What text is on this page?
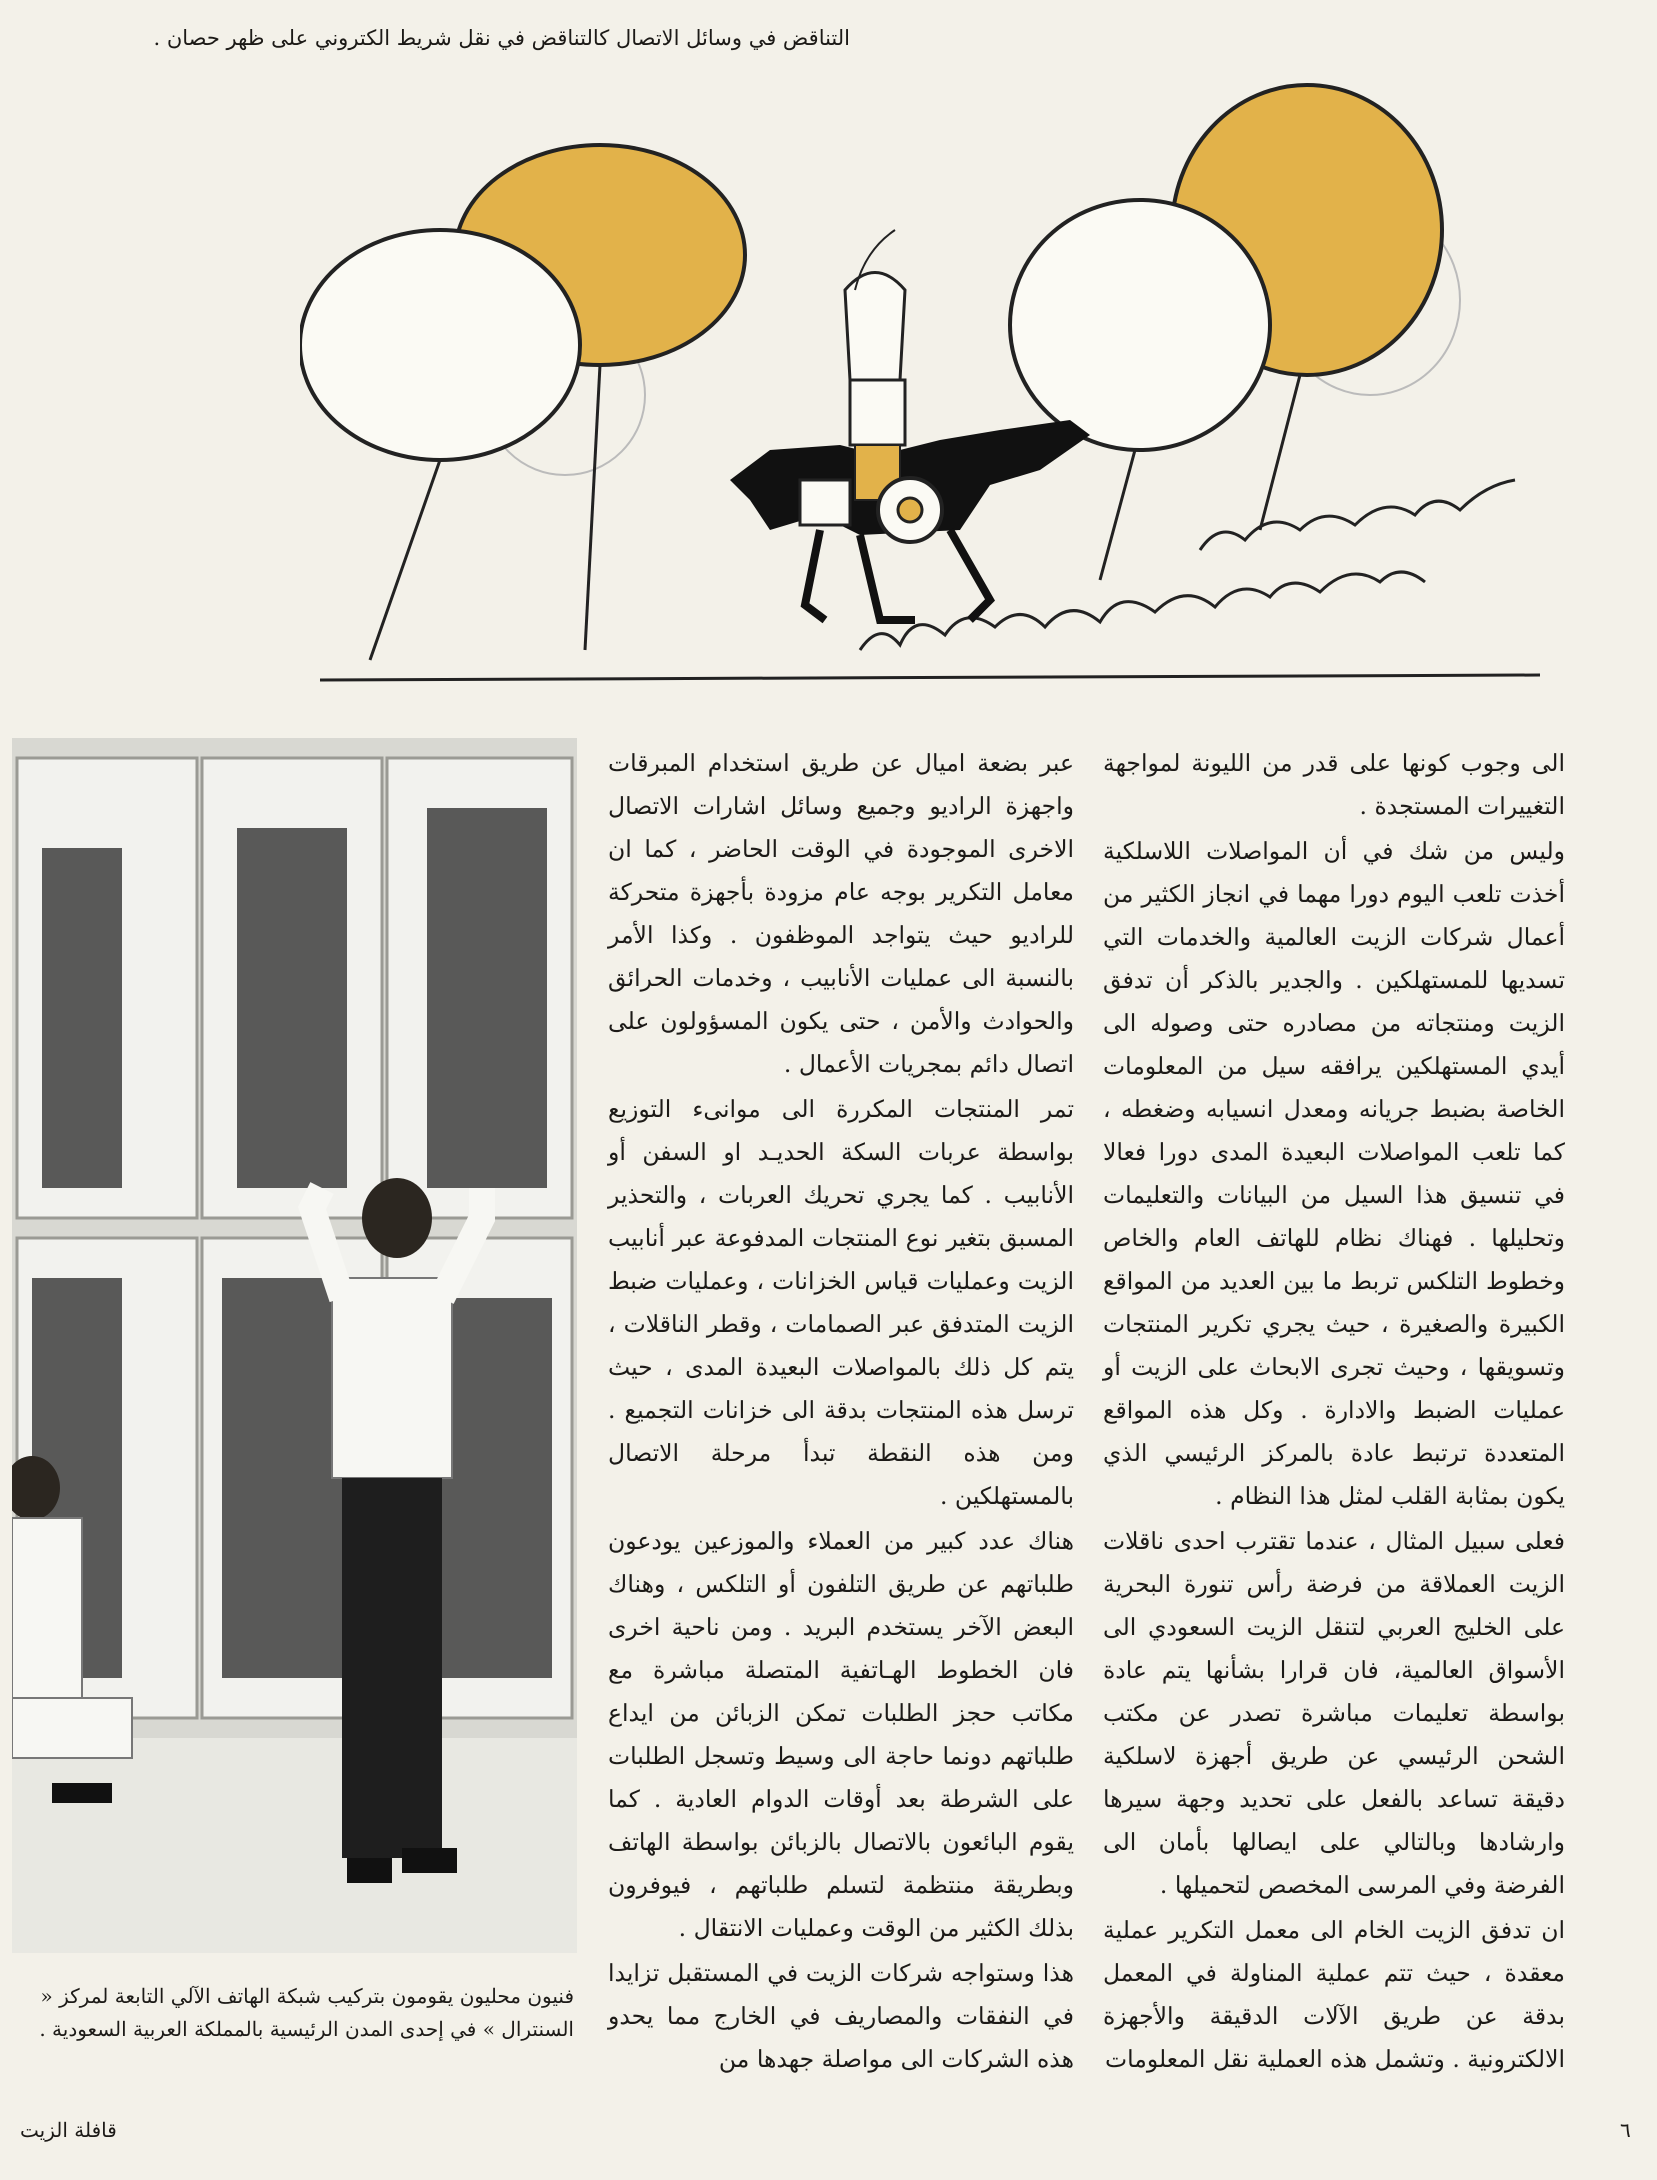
التناقض في وسائل الاتصال كالتناقض في نقل شريط الكتروني على ظهر حصان .

الى وجوب كونها على قدر من الليونة لمواجهة التغييرات المستجدة .

وليس من شك في أن المواصلات اللاسلكية أخذت تلعب اليوم دورا مهما في انجاز الكثير من أعمال شركات الزيت العالمية والخدمات التي تسديها للمستهلكين . والجدير بالذكر أن تدفق الزيت ومنتجاته من مصادره حتى وصوله الى أيدي المستهلكين يرافقه سيل من المعلومات الخاصة بضبط جريانه ومعدل انسيابه وضغطه ، كما تلعب المواصلات البعيدة المدى دورا فعالا في تنسيق هذا السيل من البيانات والتعليمات وتحليلها . فهناك نظام للهاتف العام والخاص وخطوط التلكس تربط ما بين العديد من المواقع الكبيرة والصغيرة ، حيث يجري تكرير المنتجات وتسويقها ، وحيث تجرى الابحاث على الزيت أو عمليات الضبط والادارة . وكل هذه المواقع المتعددة ترتبط عادة بالمركز الرئيسي الذي يكون بمثابة القلب لمثل هذا النظام .

فعلى سبيل المثال ، عندما تقترب احدى ناقلات الزيت العملاقة من فرضة رأس تنورة البحرية على الخليج العربي لتنقل الزيت السعودي الى الأسواق العالمية، فان قرارا بشأنها يتم عادة بواسطة تعليمات مباشرة تصدر عن مكتب الشحن الرئيسي عن طريق أجهزة لاسلكية دقيقة تساعد بالفعل على تحديد وجهة سيرها وارشادها وبالتالي على ايصالها بأمان الى الفرضة وفي المرسى المخصص لتحميلها .

ان تدفق الزيت الخام الى معمل التكرير عملية معقدة ، حيث تتم عملية المناولة في المعمل بدقة عن طريق الآلات الدقيقة والأجهزة الالكترونية . وتشمل هذه العملية نقل المعلومات

عبر بضعة اميال عن طريق استخدام المبرقات واجهزة الراديو وجميع وسائل اشارات الاتصال الاخرى الموجودة في الوقت الحاضر ، كما ان معامل التكرير بوجه عام مزودة بأجهزة متحركة للراديو حيث يتواجد الموظفون . وكذا الأمر بالنسبة الى عمليات الأنابيب ، وخدمات الحرائق والحوادث والأمن ، حتى يكون المسؤولون على اتصال دائم بمجريات الأعمال .

تمر المنتجات المكررة الى موانىء التوزيع بواسطة عربات السكة الحديـد او السفن أو الأنابيب . كما يجري تحريك العربات ، والتحذير المسبق بتغير نوع المنتجات المدفوعة عبر أنابيب الزيت وعمليات قياس الخزانات ، وعمليات ضبط الزيت المتدفق عبر الصمامات ، وقطر الناقلات ، يتم كل ذلك بالمواصلات البعيدة المدى ، حيث ترسل هذه المنتجات بدقة الى خزانات التجميع . ومن هذه النقطة تبدأ مرحلة الاتصال بالمستهلكين .

هناك عدد كبير من العملاء والموزعين يودعون طلباتهم عن طريق التلفون أو التلكس ، وهناك البعض الآخر يستخدم البريد . ومن ناحية اخرى فان الخطوط الهـاتفية المتصلة مباشرة مع مكاتب حجز الطلبات تمكن الزبائن من ايداع طلباتهم دونما حاجة الى وسيط وتسجل الطلبات على الشرطة بعد أوقات الدوام العادية . كما يقوم البائعون بالاتصال بالزبائن بواسطة الهاتف وبطريقة منتظمة لتسلم طلباتهم ، فيوفرون بذلك الكثير من الوقت وعمليات الانتقال .

هذا وستواجه شركات الزيت في المستقبل تزايدا في النفقات والمصاريف في الخارج مما يحدو هذه الشركات الى مواصلة جهدها من

فنيون محليون يقومون بتركيب شبكة الهاتف الآلي التابعة لمركز « السنترال » في إحدى المدن الرئيسية بالمملكة العربية السعودية .
قافلة الزيت	٦
